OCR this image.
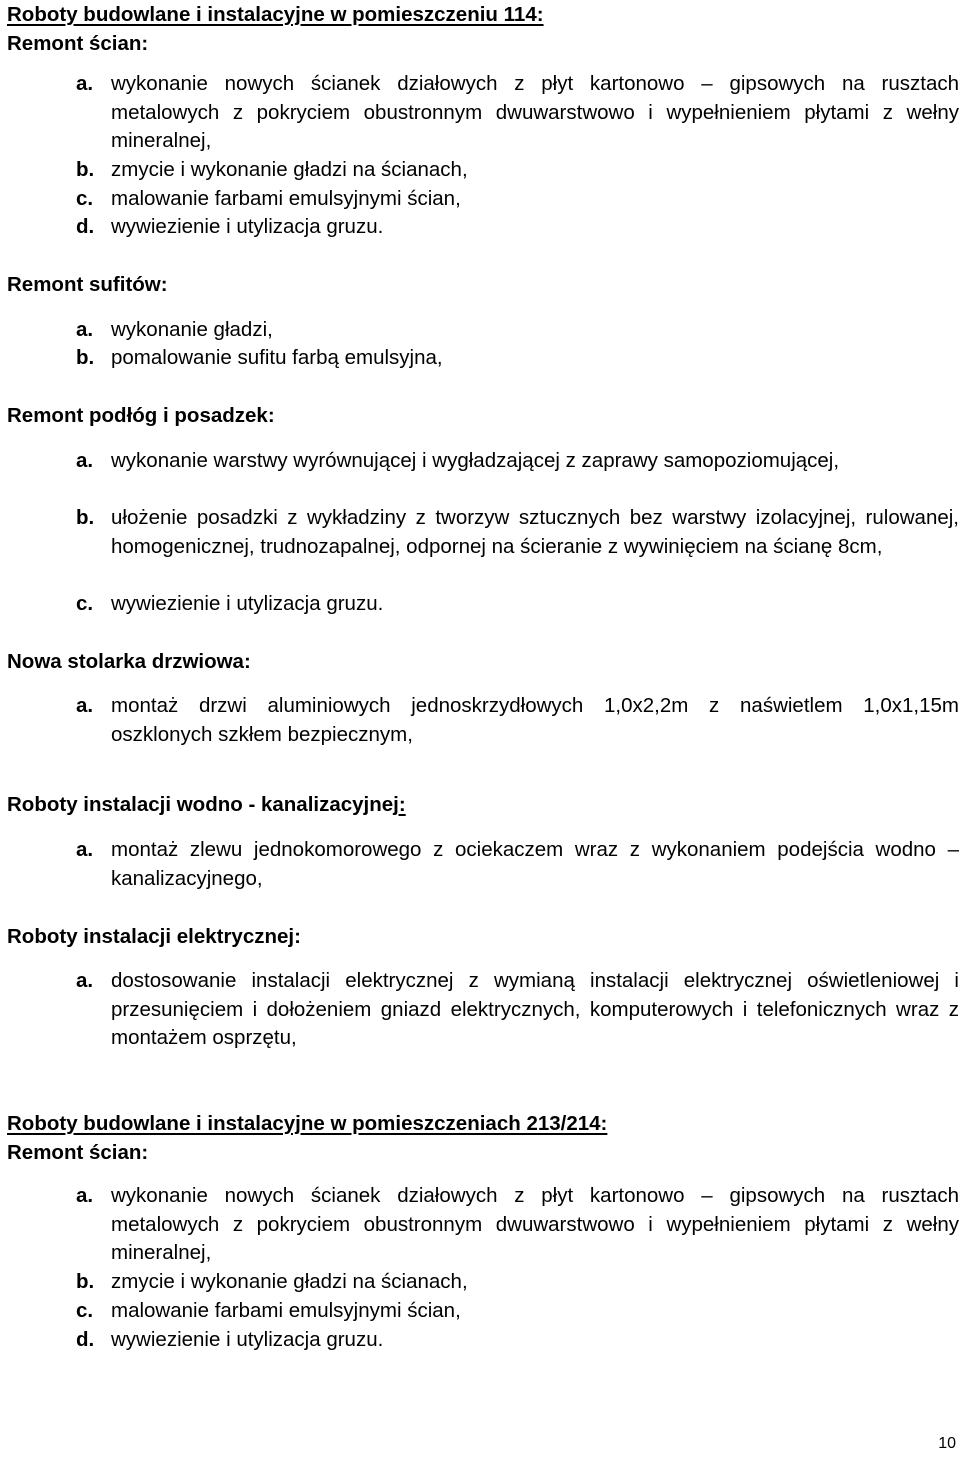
Roboty budowlane i instalacyjne w pomieszczeniu 114:
Remont ścian:
a. wykonanie nowych ścianek działowych z płyt kartonowo – gipsowych na rusztach metalowych z pokryciem obustronnym dwuwarstwowo i wypełnieniem płytami z wełny mineralnej,
b. zmycie i wykonanie gładzi na ścianach,
c. malowanie farbami emulsyjnymi ścian,
d. wywiezienie i utylizacja gruzu.
Remont sufitów:
a. wykonanie gładzi,
b. pomalowanie sufitu farbą emulsyjna,
Remont podłóg i posadzek:
a. wykonanie warstwy wyrównującej i wygładzającej z zaprawy samopoziomującej,
b. ułożenie posadzki z wykładziny z tworzyw sztucznych bez warstwy izolacyjnej, rulowanej, homogenicznej, trudnozapalnej, odpornej na ścieranie z wywinięciem na ścianę 8cm,
c. wywiezienie i utylizacja gruzu.
Nowa stolarka drzwiowa:
a. montaż drzwi aluminiowych jednoskrzydłowych 1,0x2,2m z naświetlem 1,0x1,15m oszklonych szkłem bezpiecznym,
Roboty instalacji wodno - kanalizacyjnej:
a. montaż zlewu jednokomorowego z ociekaczem wraz z wykonaniem podejścia wodno – kanalizacyjnego,
Roboty instalacji elektrycznej:
a. dostosowanie instalacji elektrycznej z wymianą instalacji elektrycznej oświetleniowej i przesunięciem i dołożeniem gniazd elektrycznych, komputerowych i telefonicznych wraz z montażem osprzętu,
Roboty budowlane i instalacyjne w pomieszczeniach 213/214:
Remont ścian:
a. wykonanie nowych ścianek działowych z płyt kartonowo – gipsowych na rusztach metalowych z pokryciem obustronnym dwuwarstwowo i wypełnieniem płytami z wełny mineralnej,
b. zmycie i wykonanie gładzi na ścianach,
c. malowanie farbami emulsyjnymi ścian,
d. wywiezienie i utylizacja gruzu.
10
